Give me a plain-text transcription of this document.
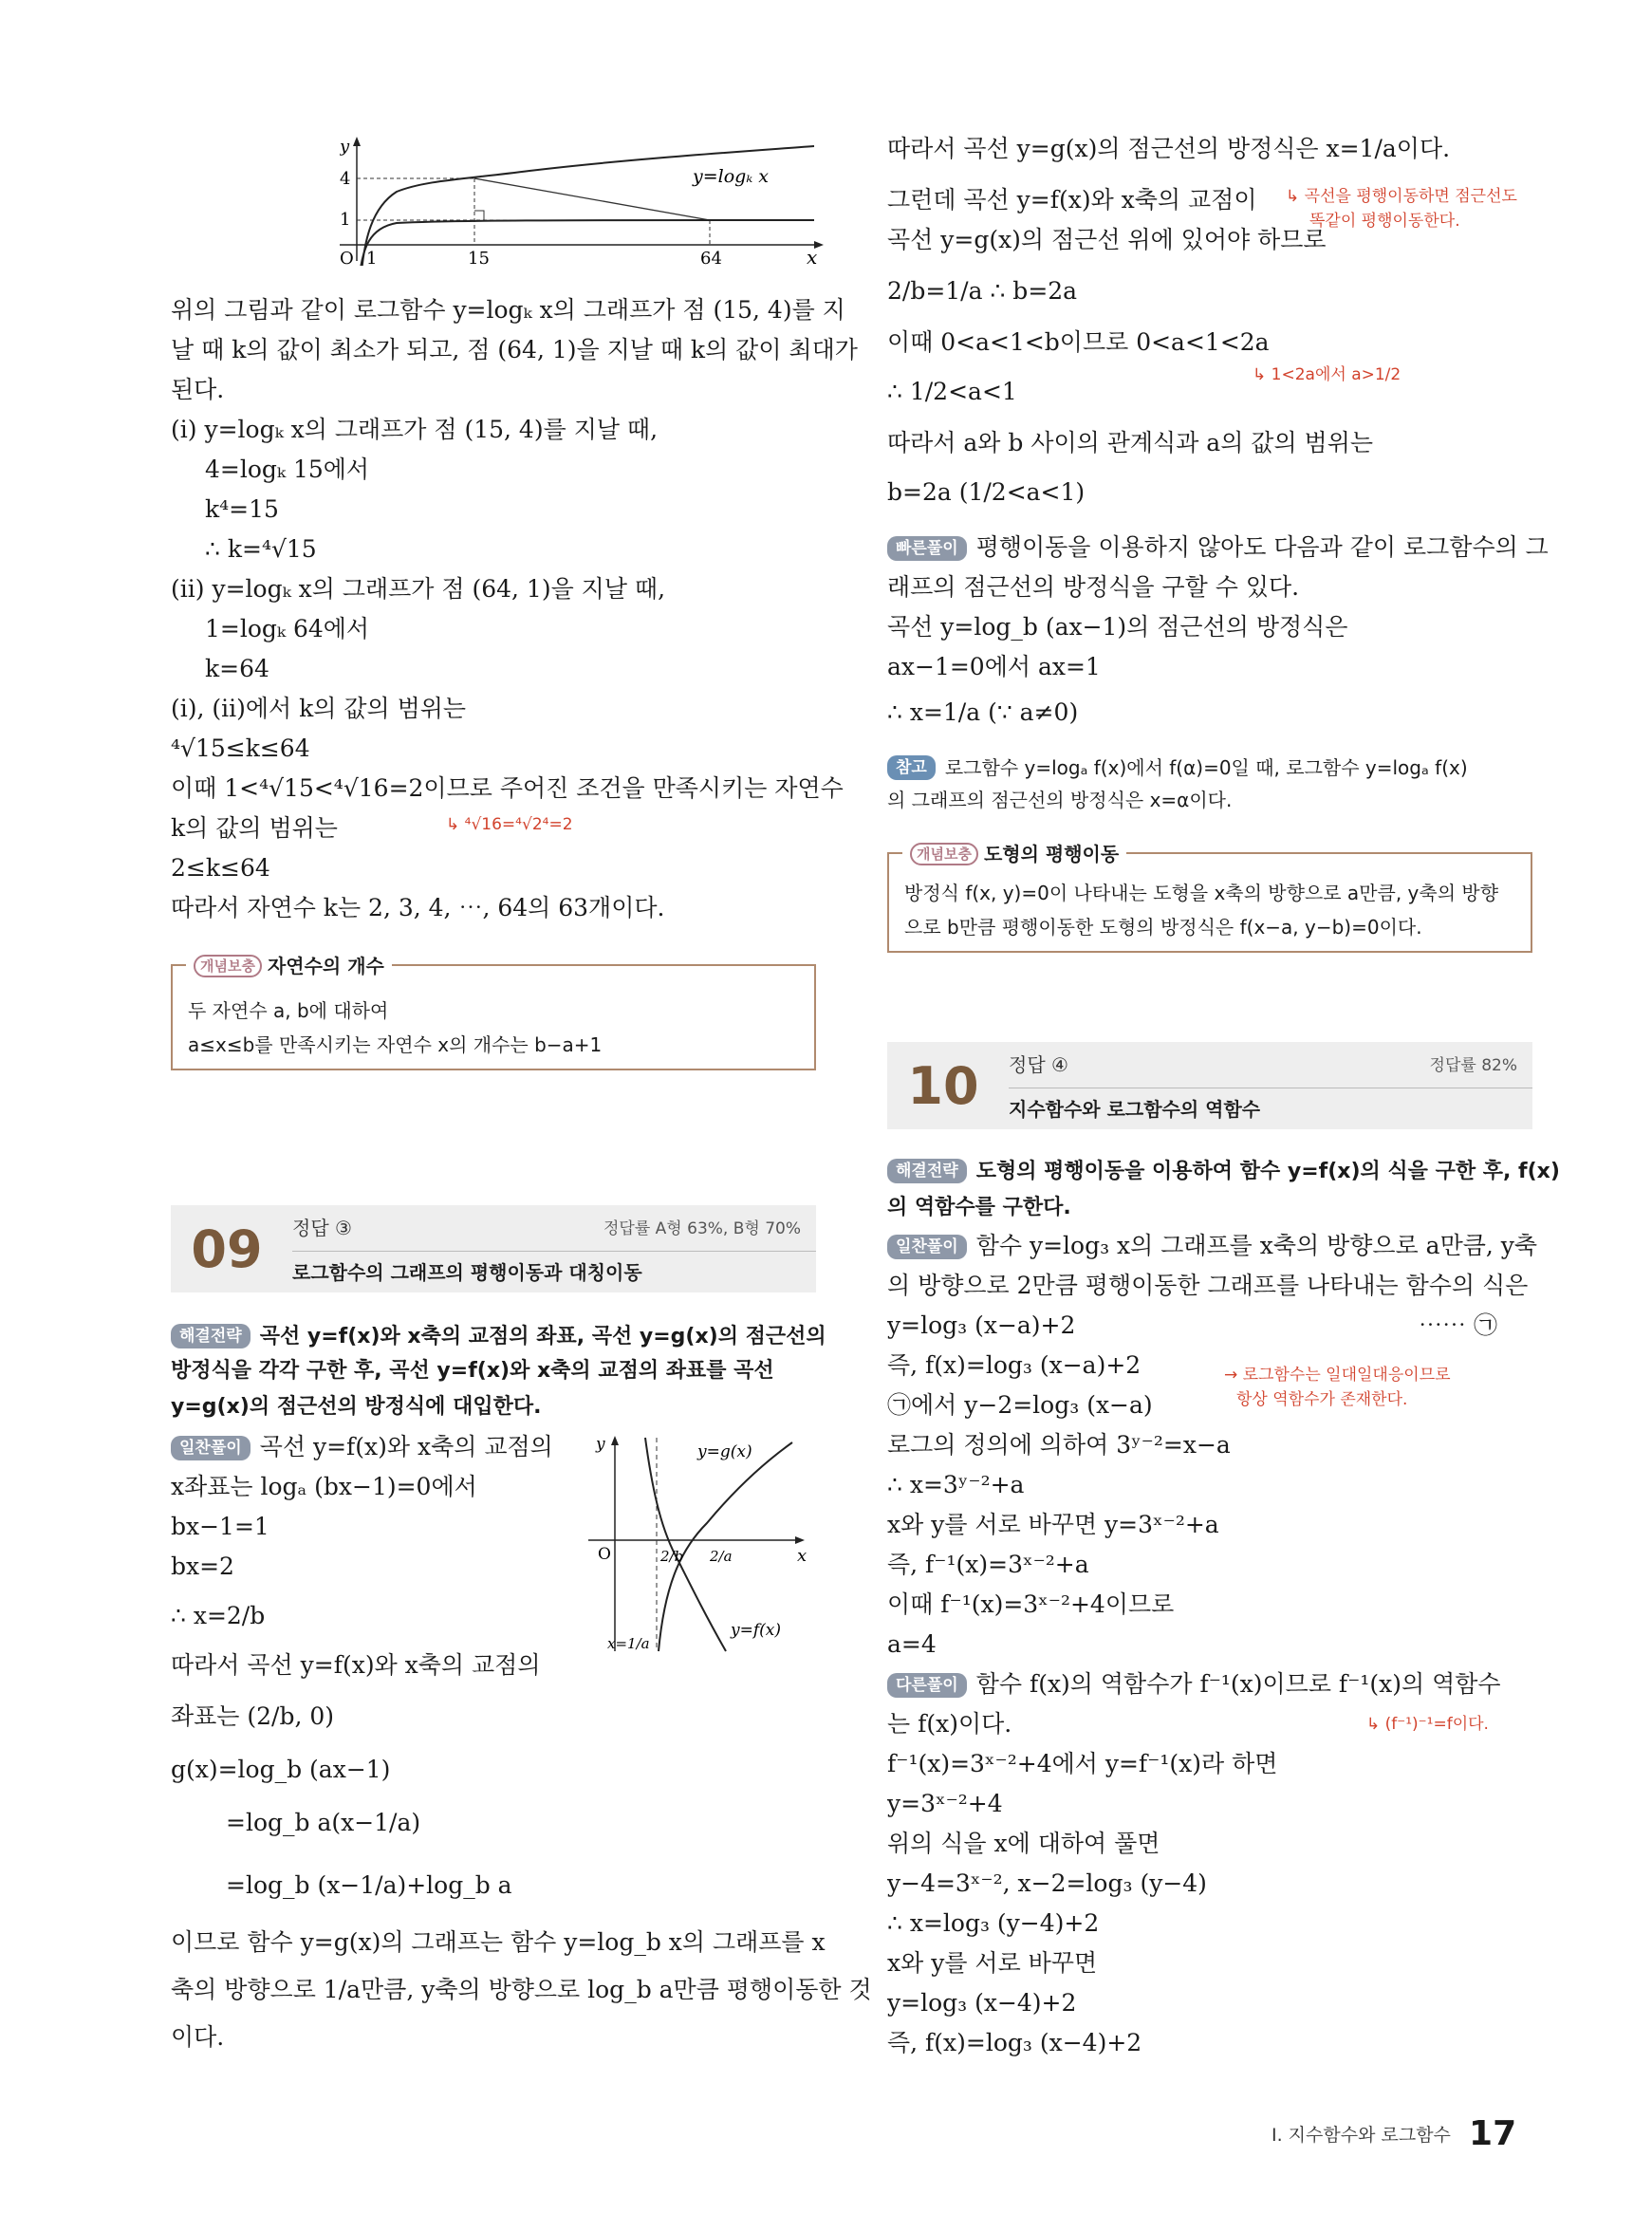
y
x
O
4
1
1	15	64
y=logₖ x
위의 그림과 같이 로그함수 y=logₖ x의 그래프가 점 (15, 4)를 지
날 때 k의 값이 최소가 되고, 점 (64, 1)을 지날 때 k의 값이 최대가
된다.
(ⅰ) y=logₖ x의 그래프가 점 (15, 4)를 지날 때,
4=logₖ 15에서
k⁴=15
∴ k=⁴√15
(ⅱ) y=logₖ x의 그래프가 점 (64, 1)을 지날 때,
1=logₖ 64에서
k=64
(ⅰ), (ⅱ)에서 k의 값의 범위는
⁴√15≤k≤64
이때 1<⁴√15<⁴√16=2이므로 주어진 조건을 만족시키는 자연수
↳ ⁴√16=⁴√2⁴=2
k의 값의 범위는
2≤k≤64
따라서 자연수 k는 2, 3, 4, ⋯, 64의 63개이다.
개념보충 자연수의 개수
두 자연수 a, b에 대하여
a≤x≤b를 만족시키는 자연수 x의 개수는 b−a+1
09	정답 ③	정답률 A형 63%, B형 70%
로그함수의 그래프의 평행이동과 대칭이동
해결전략 곡선 y=f(x)와 x축의 교점의 좌표, 곡선 y=g(x)의 점근선의
방정식을 각각 구한 후, 곡선 y=f(x)와 x축의 교점의 좌표를 곡선
y=g(x)의 점근선의 방정식에 대입한다.
일찬풀이 곡선 y=f(x)와 x축의 교점의
x좌표는 logₐ (bx−1)=0에서
bx−1=1
bx=2
∴ x=2/b
따라서 곡선 y=f(x)와 x축의 교점의
좌표는 (2/b, 0)
g(x)=log_b (ax−1)
=log_b a(x−1/a)
=log_b (x−1/a)+log_b a
이므로 함수 y=g(x)의 그래프는 함수 y=log_b x의 그래프를 x
축의 방향으로 1/a만큼, y축의 방향으로 log_b a만큼 평행이동한 것
이다.
y
x
O
y=g(x)
y=f(x)
2/b 2/a
x=1/a
따라서 곡선 y=g(x)의 점근선의 방정식은 x=1/a이다.
그런데 곡선 y=f(x)와 x축의 교점이 ↳ 곡선을 평행이동하면 점근선도
똑같이 평행이동한다.
곡선 y=g(x)의 점근선 위에 있어야 하므로
2/b=1/a ∴ b=2a
이때 0<a<1<b이므로 0<a<1<2a
↳ 1<2a에서 a>1/2
∴ 1/2<a<1
따라서 a와 b 사이의 관계식과 a의 값의 범위는
b=2a (1/2<a<1)
빠른풀이 평행이동을 이용하지 않아도 다음과 같이 로그함수의 그
래프의 점근선의 방정식을 구할 수 있다.
곡선 y=log_b (ax−1)의 점근선의 방정식은
ax−1=0에서 ax=1
∴ x=1/a (∵ a≠0)
참고 로그함수 y=logₐ f(x)에서 f(α)=0일 때, 로그함수 y=logₐ f(x)
의 그래프의 점근선의 방정식은 x=α이다.
개념보충 도형의 평행이동
방정식 f(x, y)=0이 나타내는 도형을 x축의 방향으로 a만큼, y축의 방향
으로 b만큼 평행이동한 도형의 방정식은 f(x−a, y−b)=0이다.
10	정답 ④	정답률 82%
지수함수와 로그함수의 역함수
해결전략 도형의 평행이동을 이용하여 함수 y=f(x)의 식을 구한 후, f(x)
의 역함수를 구한다.
일찬풀이 함수 y=log₃ x의 그래프를 x축의 방향으로 a만큼, y축
의 방향으로 2만큼 평행이동한 그래프를 나타내는 함수의 식은
y=log₃ (x−a)+2	⋯⋯ ㉠
즉, f(x)=log₃ (x−a)+2	→ 로그함수는 일대일대응이므로
항상 역함수가 존재한다.
㉠에서 y−2=log₃ (x−a)
로그의 정의에 의하여 3ʸ⁻²=x−a
∴ x=3ʸ⁻²+a
x와 y를 서로 바꾸면 y=3ˣ⁻²+a
즉, f⁻¹(x)=3ˣ⁻²+a
이때 f⁻¹(x)=3ˣ⁻²+4이므로
a=4
다른풀이 함수 f(x)의 역함수가 f⁻¹(x)이므로 f⁻¹(x)의 역함수
는 f(x)이다.	↳ (f⁻¹)⁻¹=f이다.
f⁻¹(x)=3ˣ⁻²+4에서 y=f⁻¹(x)라 하면
y=3ˣ⁻²+4
위의 식을 x에 대하여 풀면
y−4=3ˣ⁻², x−2=log₃ (y−4)
∴ x=log₃ (y−4)+2
x와 y를 서로 바꾸면
y=log₃ (x−4)+2
즉, f(x)=log₃ (x−4)+2
Ⅰ. 지수함수와 로그함수 17
